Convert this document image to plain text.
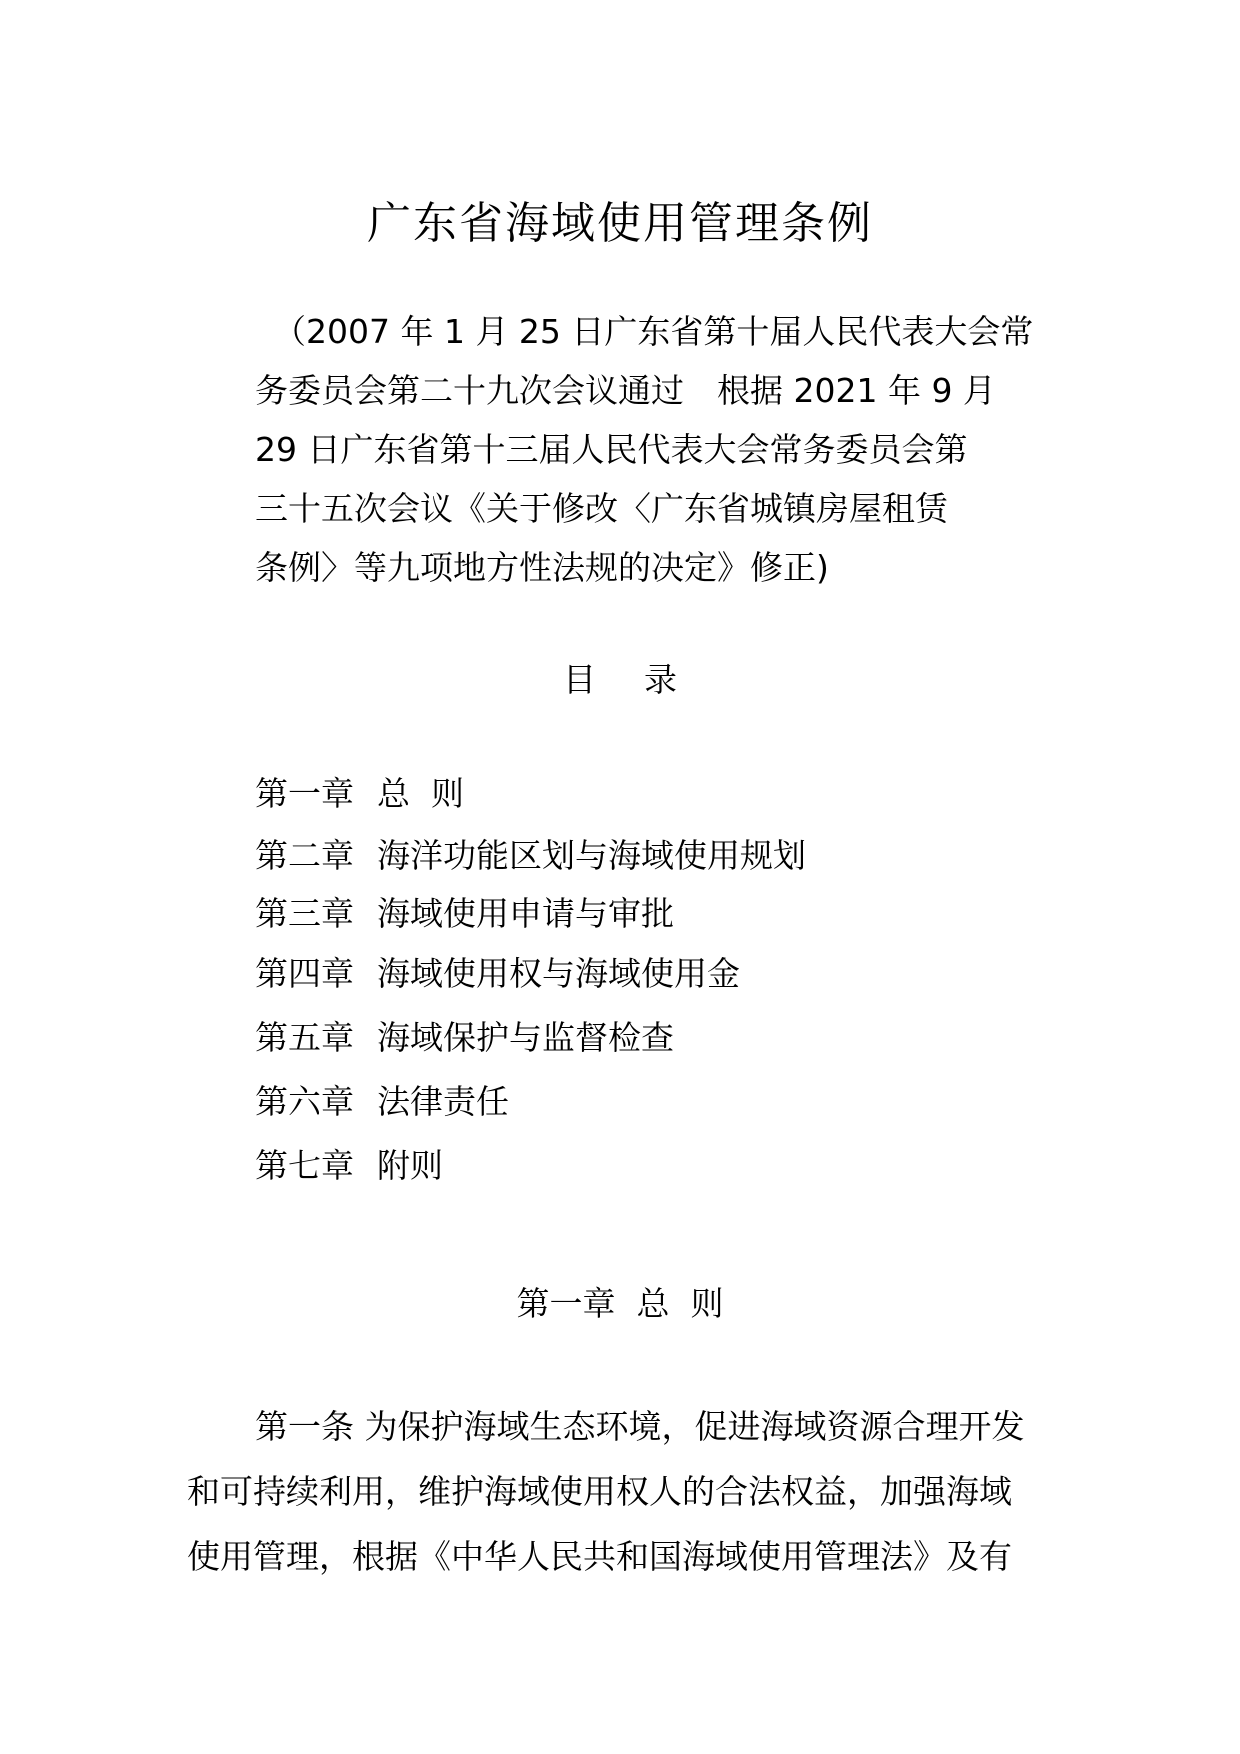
广东省海域使用管理条例
（2007 年 1 月 25 日广东省第十届人民代表大会常
务委员会第二十九次会议通过　根据 2021 年 9 月
29 日广东省第十三届人民代表大会常务委员会第
三十五次会议《关于修改〈广东省城镇房屋租赁
条例〉等九项地方性法规的决定》修正)
目 录
第一章 总  则
第二章 海洋功能区划与海域使用规划
第三章 海域使用申请与审批
第四章 海域使用权与海域使用金
第五章 海域保护与监督检查
第六章 法律责任
第七章 附则
第一章  总  则
第一条 为保护海域生态环境，促进海域资源合理开发
和可持续利用，维护海域使用权人的合法权益，加强海域
使用管理，根据《中华人民共和国海域使用管理法》及有
